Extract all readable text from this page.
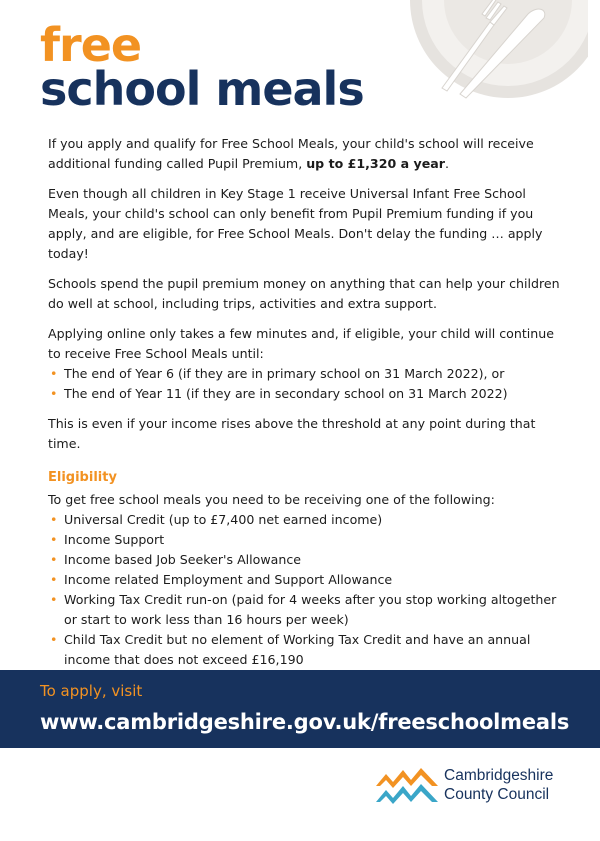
free
school meals

If you apply and qualify for Free School Meals, your child's school will receive additional funding called Pupil Premium, up to £1,320 a year.

Even though all children in Key Stage 1 receive Universal Infant Free School Meals, your child's school can only benefit from Pupil Premium funding if you apply, and are eligible, for Free School Meals. Don't delay the funding … apply today!

Schools spend the pupil premium money on anything that can help your children do well at school, including trips, activities and extra support.

Applying online only takes a few minutes and, if eligible, your child will continue to receive Free School Meals until:

• The end of Year 6 (if they are in primary school on 31 March 2022), or
• The end of Year 11 (if they are in secondary school on 31 March 2022)

This is even if your income rises above the threshold at any point during that time.

Eligibility

To get free school meals you need to be receiving one of the following:

• Universal Credit (up to £7,400 net earned income)
• Income Support
• Income based Job Seeker's Allowance
• Income related Employment and Support Allowance
• Working Tax Credit run-on (paid for 4 weeks after you stop working altogether or start to work less than 16 hours per week)
• Child Tax Credit but no element of Working Tax Credit and have an annual income that does not exceed £16,190
To apply, visit
www.cambridgeshire.gov.uk/freeschoolmeals
Cambridgeshire
County Council
